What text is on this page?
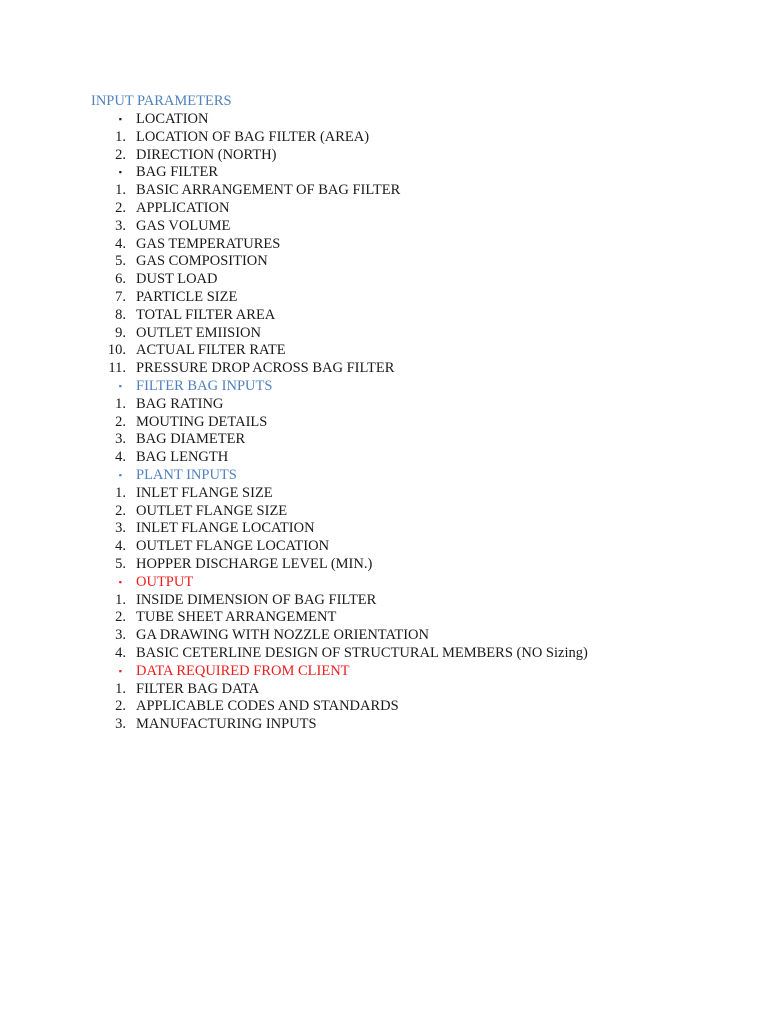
INPUT PARAMETERS
▪ LOCATION
1. LOCATION OF BAG FILTER (AREA)
2. DIRECTION (NORTH)
▪ BAG FILTER
1. BASIC ARRANGEMENT OF BAG FILTER
2. APPLICATION
3. GAS VOLUME
4. GAS TEMPERATURES
5. GAS COMPOSITION
6. DUST LOAD
7. PARTICLE SIZE
8. TOTAL FILTER AREA
9. OUTLET EMIISION
10. ACTUAL FILTER RATE
11. PRESSURE DROP ACROSS BAG FILTER
▪ FILTER BAG INPUTS
1. BAG RATING
2. MOUTING DETAILS
3. BAG DIAMETER
4. BAG LENGTH
▪ PLANT INPUTS
1. INLET FLANGE SIZE
2. OUTLET FLANGE SIZE
3. INLET FLANGE LOCATION
4. OUTLET FLANGE LOCATION
5. HOPPER DISCHARGE LEVEL (MIN.)
▪ OUTPUT
1. INSIDE DIMENSION OF BAG FILTER
2. TUBE SHEET ARRANGEMENT
3. GA DRAWING WITH NOZZLE ORIENTATION
4. BASIC CETERLINE DESIGN OF STRUCTURAL MEMBERS (NO Sizing)
▪ DATA REQUIRED FROM CLIENT
1. FILTER BAG DATA
2. APPLICABLE CODES AND STANDARDS
3. MANUFACTURING INPUTS
